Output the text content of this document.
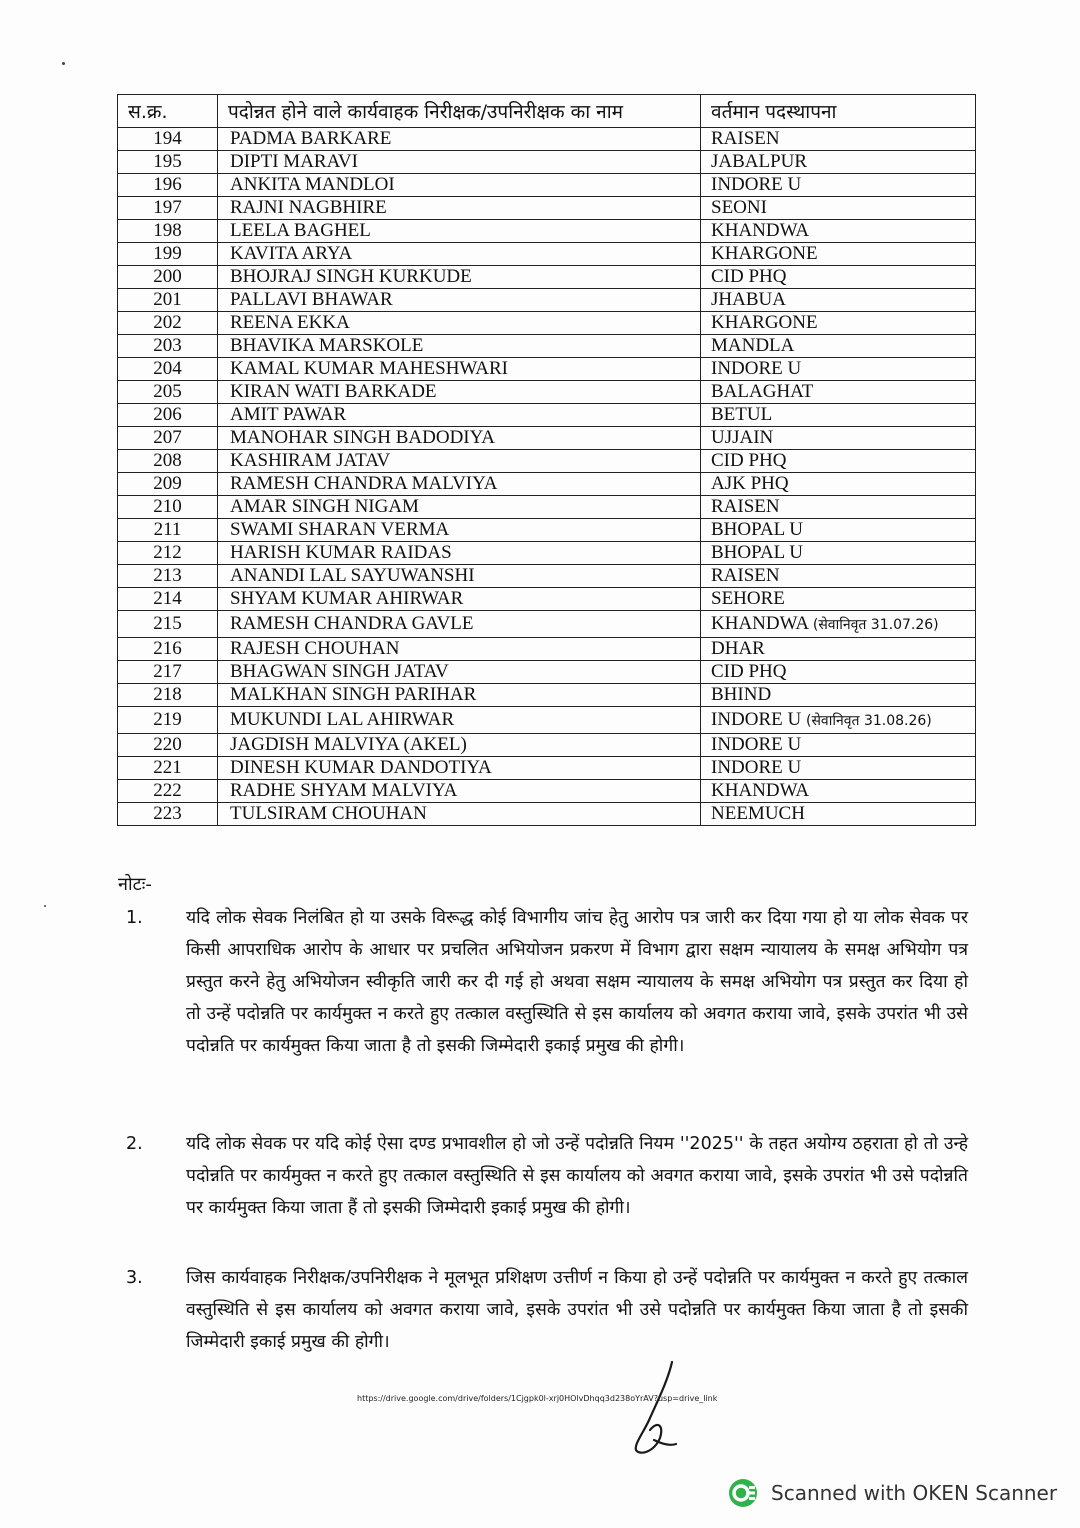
स.क्र.	पदोन्नत होने वाले कार्यवाहक निरीक्षक/उपनिरीक्षक का नाम	वर्तमान पदस्थापना
194	PADMA BARKARE	RAISEN
195	DIPTI MARAVI	JABALPUR
196	ANKITA MANDLOI	INDORE U
197	RAJNI NAGBHIRE	SEONI
198	LEELA BAGHEL	KHANDWA
199	KAVITA ARYA	KHARGONE
200	BHOJRAJ SINGH KURKUDE	CID PHQ
201	PALLAVI BHAWAR	JHABUA
202	REENA EKKA	KHARGONE
203	BHAVIKA MARSKOLE	MANDLA
204	KAMAL KUMAR MAHESHWARI	INDORE U
205	KIRAN WATI BARKADE	BALAGHAT
206	AMIT PAWAR	BETUL
207	MANOHAR SINGH BADODIYA	UJJAIN
208	KASHIRAM JATAV	CID PHQ
209	RAMESH CHANDRA MALVIYA	AJK PHQ
210	AMAR SINGH NIGAM	RAISEN
211	SWAMI SHARAN VERMA	BHOPAL U
212	HARISH KUMAR RAIDAS	BHOPAL U
213	ANANDI LAL SAYUWANSHI	RAISEN
214	SHYAM KUMAR AHIRWAR	SEHORE
215	RAMESH CHANDRA GAVLE	KHANDWA (सेवानिवृत 31.07.26)
216	RAJESH CHOUHAN	DHAR
217	BHAGWAN SINGH JATAV	CID PHQ
218	MALKHAN SINGH PARIHAR	BHIND
219	MUKUNDI LAL AHIRWAR	INDORE U (सेवानिवृत 31.08.26)
220	JAGDISH MALVIYA (AKEL)	INDORE U
221	DINESH KUMAR DANDOTIYA	INDORE U
222	RADHE SHYAM MALVIYA	KHANDWA
223	TULSIRAM CHOUHAN	NEEMUCH
नोटः-
1. यदि लोक सेवक निलंबित हो या उसके विरूद्ध कोई विभागीय जांच हेतु आरोप पत्र जारी कर दिया गया हो या लोक सेवक पर किसी आपराधिक आरोप के आधार पर प्रचलित अभियोजन प्रकरण में विभाग द्वारा सक्षम न्यायालय के समक्ष अभियोग पत्र प्रस्तुत करने हेतु अभियोजन स्वीकृति जारी कर दी गई हो अथवा सक्षम न्यायालय के समक्ष अभियोग पत्र प्रस्तुत कर दिया हो तो उन्हें पदोन्नति पर कार्यमुक्त न करते हुए तत्काल वस्तुस्थिति से इस कार्यालय को अवगत कराया जावे, इसके उपरांत भी उसे पदोन्नति पर कार्यमुक्त किया जाता है तो इसकी जिम्मेदारी इकाई प्रमुख की होगी।
2. यदि लोक सेवक पर यदि कोई ऐसा दण्ड प्रभावशील हो जो उन्हें पदोन्नति नियम ''2025'' के तहत अयोग्य ठहराता हो तो उन्हे पदोन्नति पर कार्यमुक्त न करते हुए तत्काल वस्तुस्थिति से इस कार्यालय को अवगत कराया जावे, इसके उपरांत भी उसे पदोन्नति पर कार्यमुक्त किया जाता हैं तो इसकी जिम्मेदारी इकाई प्रमुख की होगी।
3. जिस कार्यवाहक निरीक्षक/उपनिरीक्षक ने मूलभूत प्रशिक्षण उत्तीर्ण न किया हो उन्हें पदोन्नति पर कार्यमुक्त न करते हुए तत्काल वस्तुस्थिति से इस कार्यालय को अवगत कराया जावे, इसके उपरांत भी उसे पदोन्नति पर कार्यमुक्त किया जाता है तो इसकी जिम्मेदारी इकाई प्रमुख की होगी।
https://drive.google.com/drive/folders/1Cjgpk0l-xrj0HOlvDhqq3d238oYrAV?usp=drive_link
Scanned with OKEN Scanner
